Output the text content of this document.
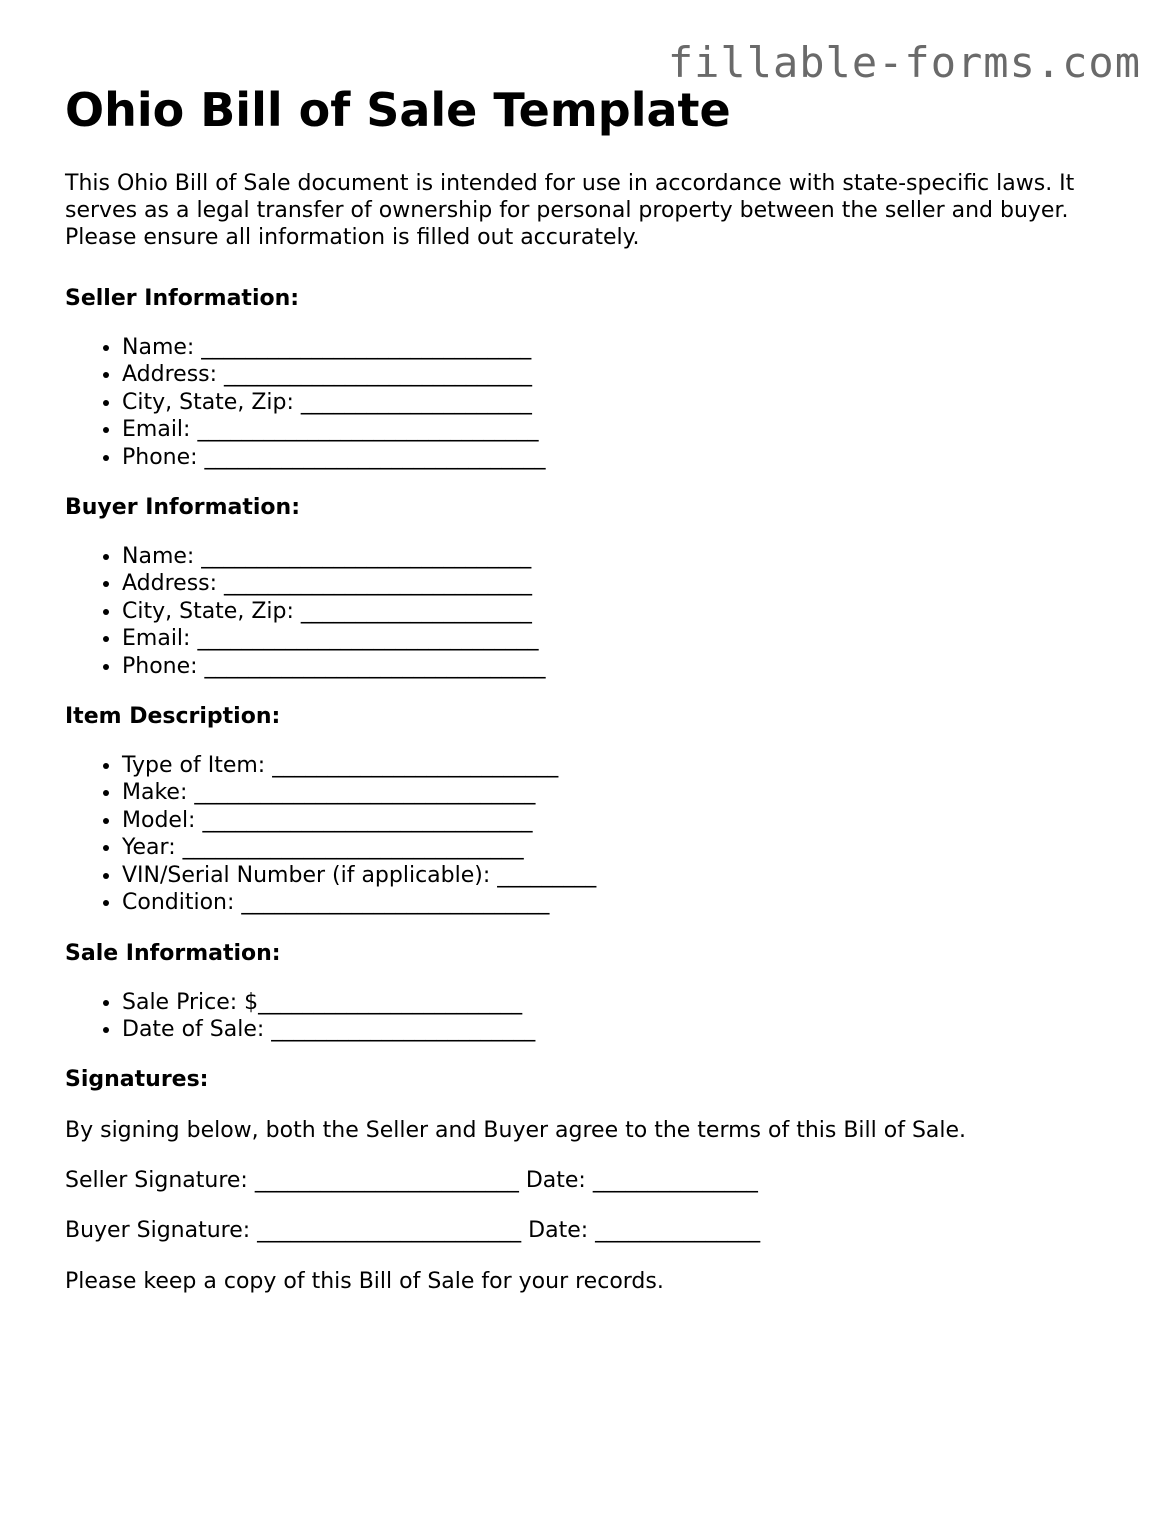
fillable-forms.com
Ohio Bill of Sale Template

This Ohio Bill of Sale document is intended for use in accordance with state-specific laws. It serves as a legal transfer of ownership for personal property between the seller and buyer. Please ensure all information is filled out accurately.

Seller Information:

• Name: ______________________________
• Address: ____________________________
• City, State, Zip: _____________________
• Email: _______________________________
• Phone: _______________________________

Buyer Information:

• Name: ______________________________
• Address: ____________________________
• City, State, Zip: _____________________
• Email: _______________________________
• Phone: _______________________________

Item Description:

• Type of Item: __________________________
• Make: _______________________________
• Model: ______________________________
• Year: _______________________________
• VIN/Serial Number (if applicable): _________
• Condition: ____________________________

Sale Information:

• Sale Price: $________________________
• Date of Sale: ________________________

Signatures:

By signing below, both the Seller and Buyer agree to the terms of this Bill of Sale.

Seller Signature: ________________________ Date: _______________

Buyer Signature: ________________________ Date: _______________

Please keep a copy of this Bill of Sale for your records.
